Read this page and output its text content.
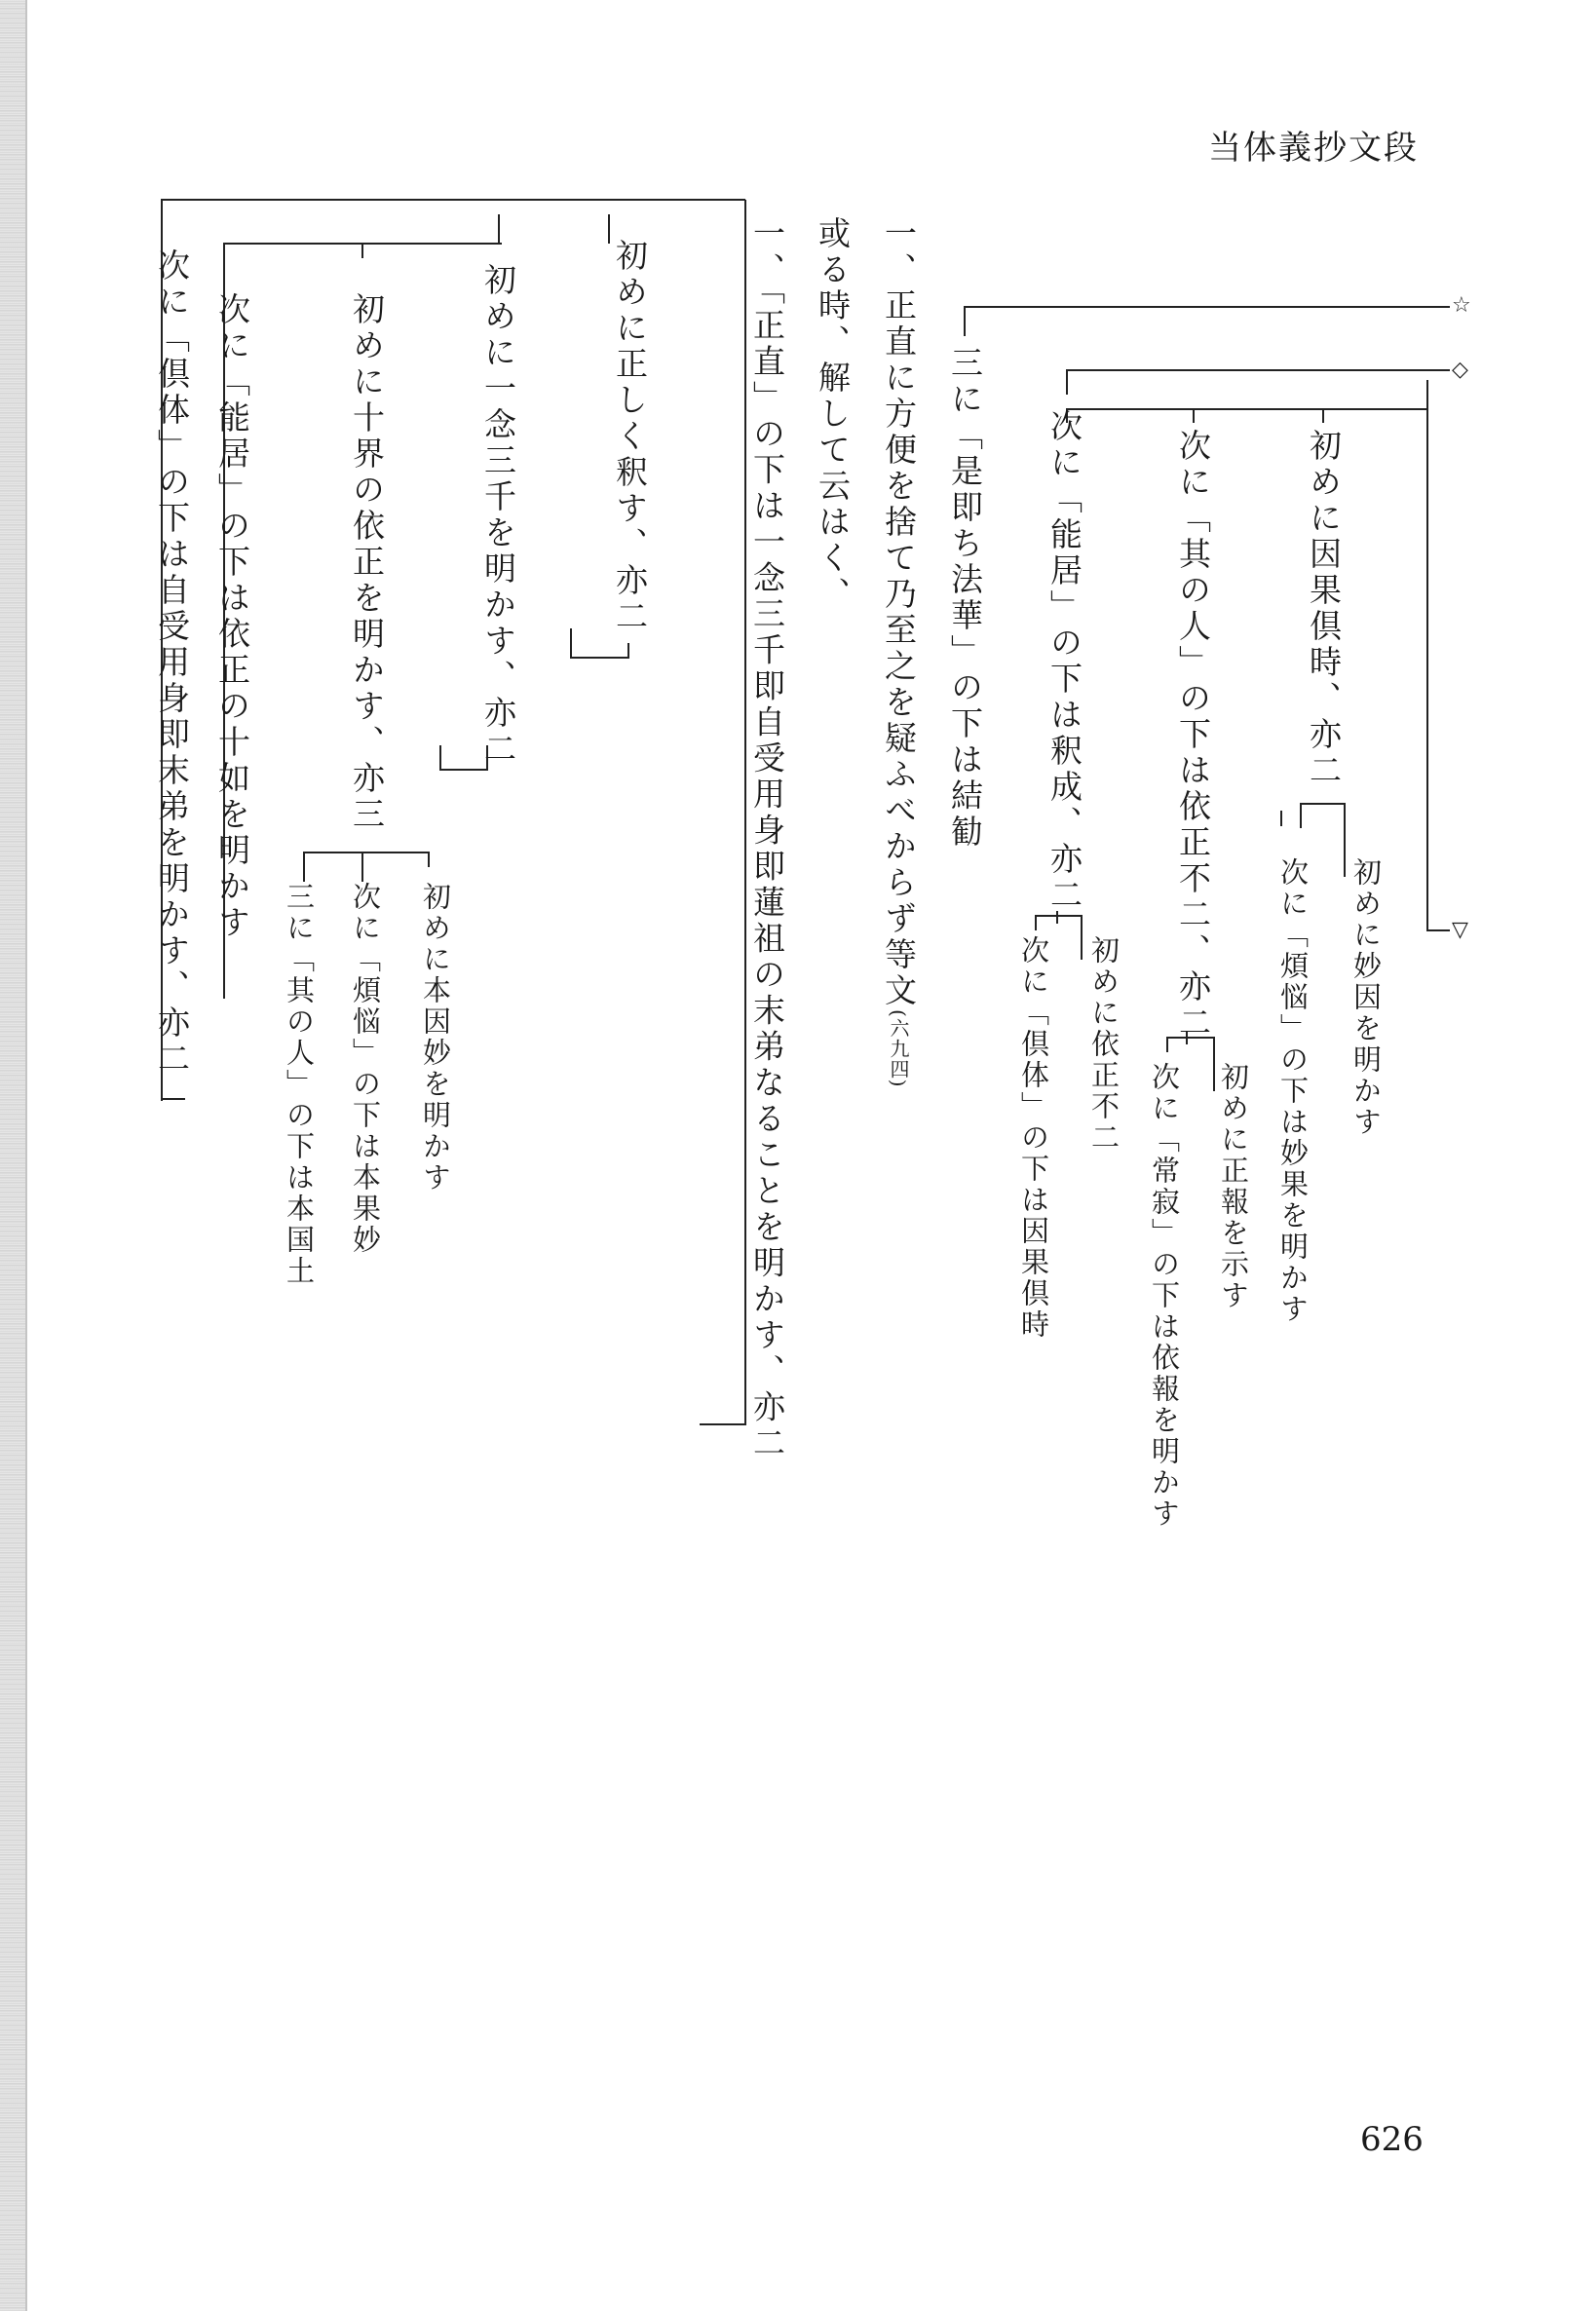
当体義抄文段
☆
◇
▽
初めに因果倶時、亦二
初めに妙因を明かす
次に「煩悩」の下は妙果を明かす
次に「其の人」の下は依正不二、亦二
初めに正報を示す
次に「常寂」の下は依報を明かす
次に「能居」の下は釈成、亦二
初めに依正不二
次に「倶体」の下は因果倶時
三に「是即ち法華」の下は結勧
一、正直に方便を捨て乃至之を疑ふべからず等文(六九四)
或る時、解して云はく、
一、「正直」の下は一念三千即自受用身即蓮祖の末弟なることを明かす、亦二
初めに正しく釈す、亦二
初めに一念三千を明かす、亦二
初めに十界の依正を明かす、亦三
初めに本因妙を明かす
次に「煩悩」の下は本果妙
三に「其の人」の下は本国土
次に「能居」の下は依正の十如を明かす
次に「倶体」の下は自受用身即末弟を明かす、亦二
626
